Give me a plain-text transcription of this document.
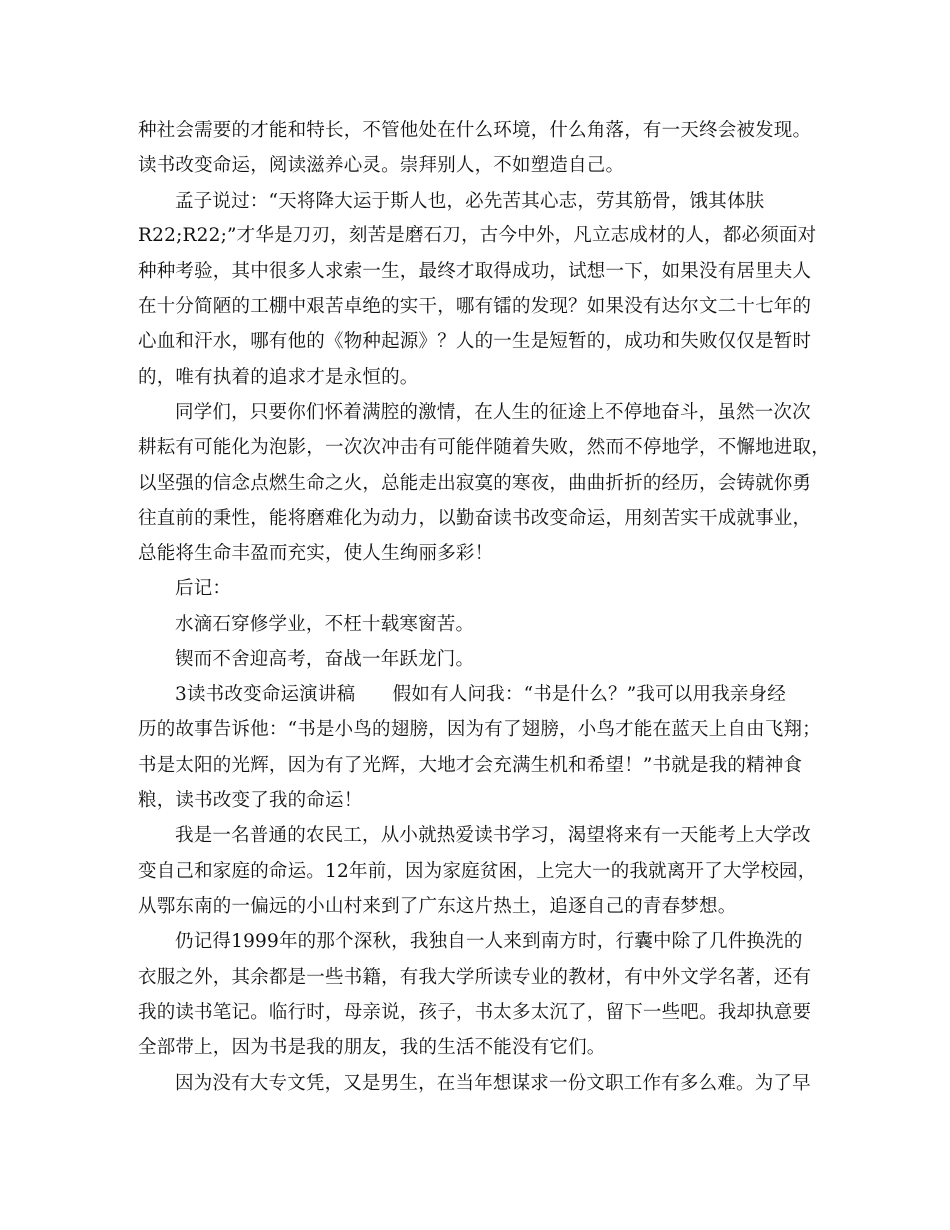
种社会需要的才能和特长，不管他处在什么环境，什么角落，有一天终会被发现。
读书改变命运，阅读滋养心灵。崇拜别人，不如塑造自己。
孟子说过：“天将降大运于斯人也，必先苦其心志，劳其筋骨，饿其体肤
R22;R22;”才华是刀刃，刻苦是磨石刀，古今中外，凡立志成材的人，都必须面对
种种考验，其中很多人求索一生，最终才取得成功，试想一下，如果没有居里夫人
在十分简陋的工棚中艰苦卓绝的实干，哪有镭的发现？如果没有达尔文二十七年的
心血和汗水，哪有他的《物种起源》？人的一生是短暂的，成功和失败仅仅是暂时
的，唯有执着的追求才是永恒的。
同学们，只要你们怀着满腔的激情，在人生的征途上不停地奋斗，虽然一次次
耕耘有可能化为泡影，一次次冲击有可能伴随着失败，然而不停地学，不懈地进取，
以坚强的信念点燃生命之火，总能走出寂寞的寒夜，曲曲折折的经历，会铸就你勇
往直前的秉性，能将磨难化为动力，以勤奋读书改变命运，用刻苦实干成就事业，
总能将生命丰盈而充实，使人生绚丽多彩！
后记：
水滴石穿修学业，不枉十载寒窗苦。
锲而不舍迎高考，奋战一年跃龙门。
3读书改变命运演讲稿　　假如有人问我：“书是什么？”我可以用我亲身经
历的故事告诉他：“书是小鸟的翅膀，因为有了翅膀，小鸟才能在蓝天上自由飞翔；
书是太阳的光辉，因为有了光辉，大地才会充满生机和希望！”书就是我的精神食
粮，读书改变了我的命运！
我是一名普通的农民工，从小就热爱读书学习，渴望将来有一天能考上大学改
变自己和家庭的命运。12年前，因为家庭贫困，上完大一的我就离开了大学校园，
从鄂东南的一偏远的小山村来到了广东这片热土，追逐自己的青春梦想。
仍记得1999年的那个深秋，我独自一人来到南方时，行囊中除了几件换洗的
衣服之外，其余都是一些书籍，有我大学所读专业的教材，有中外文学名著，还有
我的读书笔记。临行时，母亲说，孩子，书太多太沉了，留下一些吧。我却执意要
全部带上，因为书是我的朋友，我的生活不能没有它们。
因为没有大专文凭，又是男生，在当年想谋求一份文职工作有多么难。为了早
